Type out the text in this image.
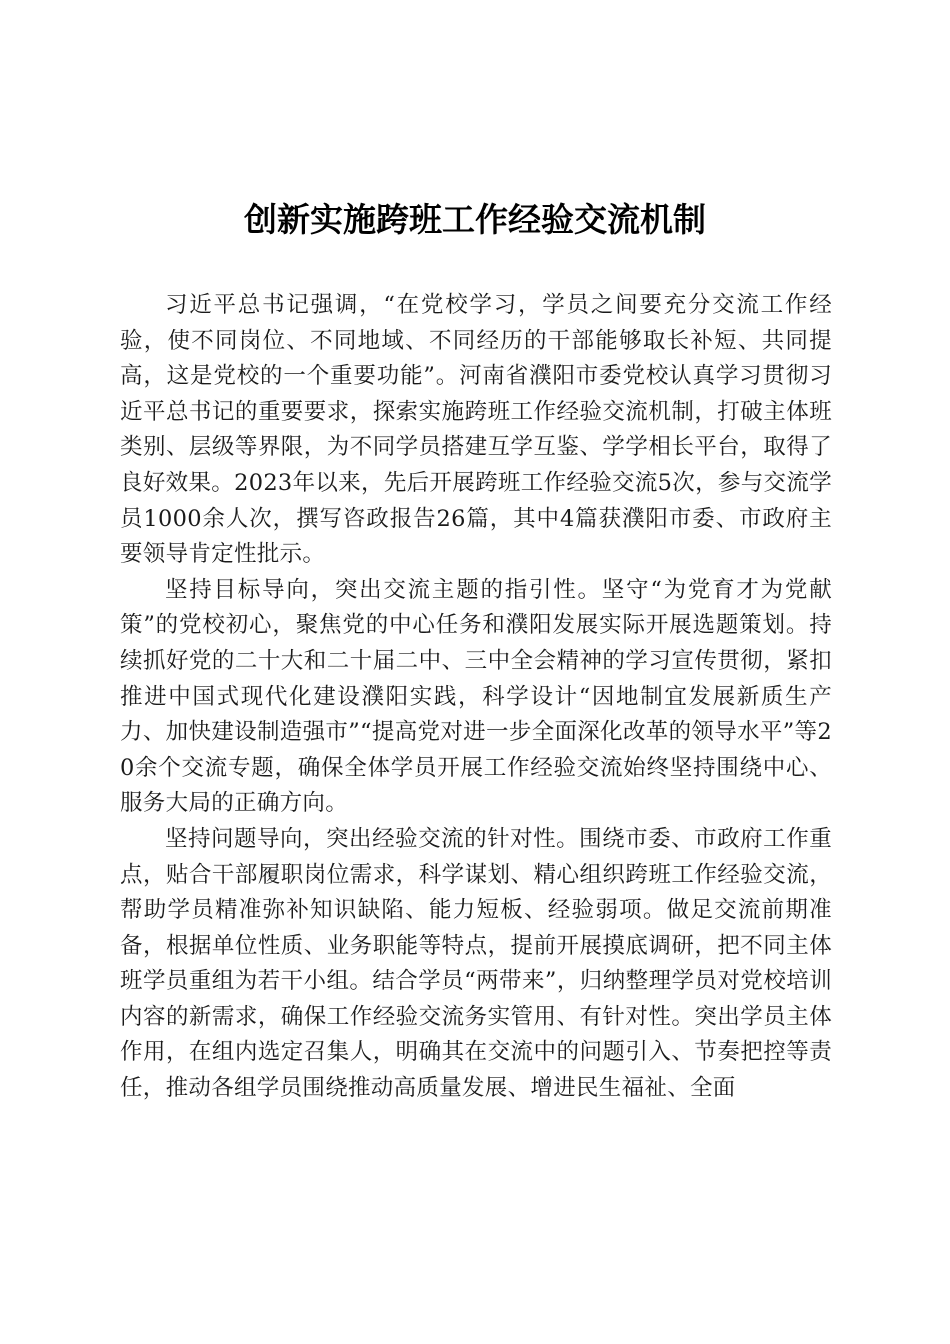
创新实施跨班工作经验交流机制

习近平总书记强调，“在党校学习，学员之间要充分交流工作经验，使不同岗位、不同地域、不同经历的干部能够取长补短、共同提高，这是党校的一个重要功能”。河南省濮阳市委党校认真学习贯彻习近平总书记的重要要求，探索实施跨班工作经验交流机制，打破主体班类别、层级等界限，为不同学员搭建互学互鉴、学学相长平台，取得了良好效果。2023年以来，先后开展跨班工作经验交流5次，参与交流学员1000余人次，撰写咨政报告26篇，其中4篇获濮阳市委、市政府主要领导肯定性批示。

坚持目标导向，突出交流主题的指引性。坚守“为党育才为党献策”的党校初心，聚焦党的中心任务和濮阳发展实际开展选题策划。持续抓好党的二十大和二十届二中、三中全会精神的学习宣传贯彻，紧扣推进中国式现代化建设濮阳实践，科学设计“因地制宜发展新质生产力、加快建设制造强市”“提高党对进一步全面深化改革的领导水平”等20余个交流专题，确保全体学员开展工作经验交流始终坚持围绕中心、服务大局的正确方向。

坚持问题导向，突出经验交流的针对性。围绕市委、市政府工作重点，贴合干部履职岗位需求，科学谋划、精心组织跨班工作经验交流，帮助学员精准弥补知识缺陷、能力短板、经验弱项。做足交流前期准备，根据单位性质、业务职能等特点，提前开展摸底调研，把不同主体班学员重组为若干小组。结合学员“两带来”，归纳整理学员对党校培训内容的新需求，确保工作经验交流务实管用、有针对性。突出学员主体作用，在组内选定召集人，明确其在交流中的问题引入、节奏把控等责任，推动各组学员围绕推动高质量发展、增进民生福祉、全面
